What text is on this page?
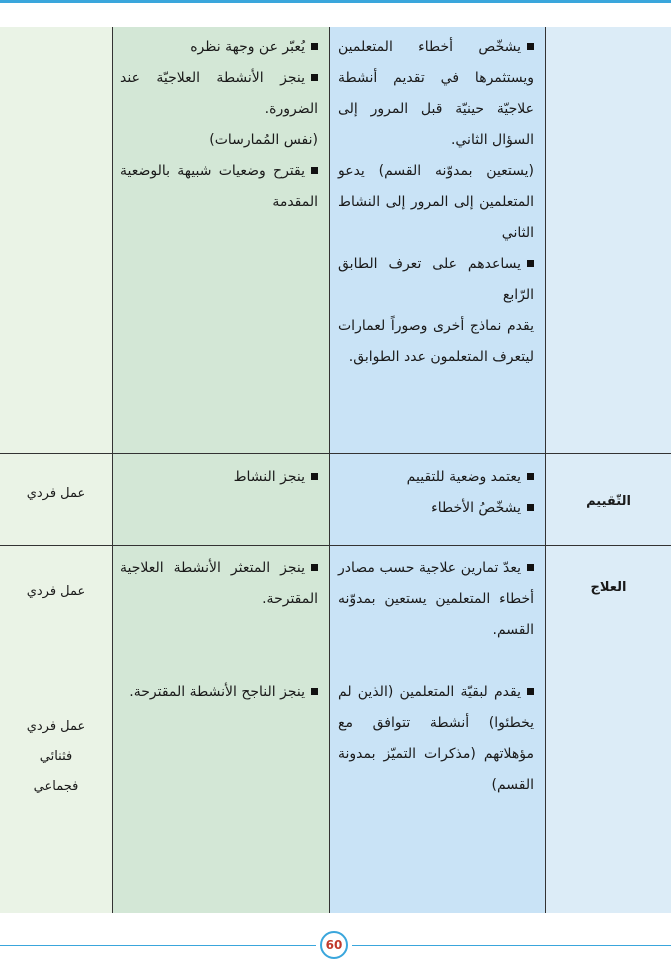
يشخّص أخطاء المتعلمين ويستثمرها في تقديم أنشطة علاجيّة حينيّة قبل المرور إلى السؤال الثاني.

(يستعين بمدوّنه القسم) يدعو المتعلمين إلى المرور إلى النشاط الثاني

يساعدهم على تعرف الطابق الرّابع

يقدم نماذج أخرى وصوراً لعمارات ليتعرف المتعلمون عدد الطوابق.

يُعبّر عن وجهة نظره

ينجز الأنشطة العلاجيّة عند الضرورة.

(نفس المُمارسات)

يقترح وضعيات شبيهة بالوضعية المقدمة

التّقييم

يعتمد وضعية للتقييم

يشخّصُ الأخطاء

ينجز النشاط

عمل فردي
العلاج

يعدّ تمارين علاجية حسب مصادر أخطاء المتعلمين يستعين بمدوّنه القسم.

يقدم لبقيّة المتعلمين (الذين لم يخطئوا) أنشطة تتوافق مع مؤهلاتهم (مذكرات التميّز بمدونة القسم)

ينجز المتعثر الأنشطة العلاجية المقترحة.

ينجز الناجح الأنشطة المقترحة.

عمل فردي
عمل فردي
فثنائي
فجماعي
60
